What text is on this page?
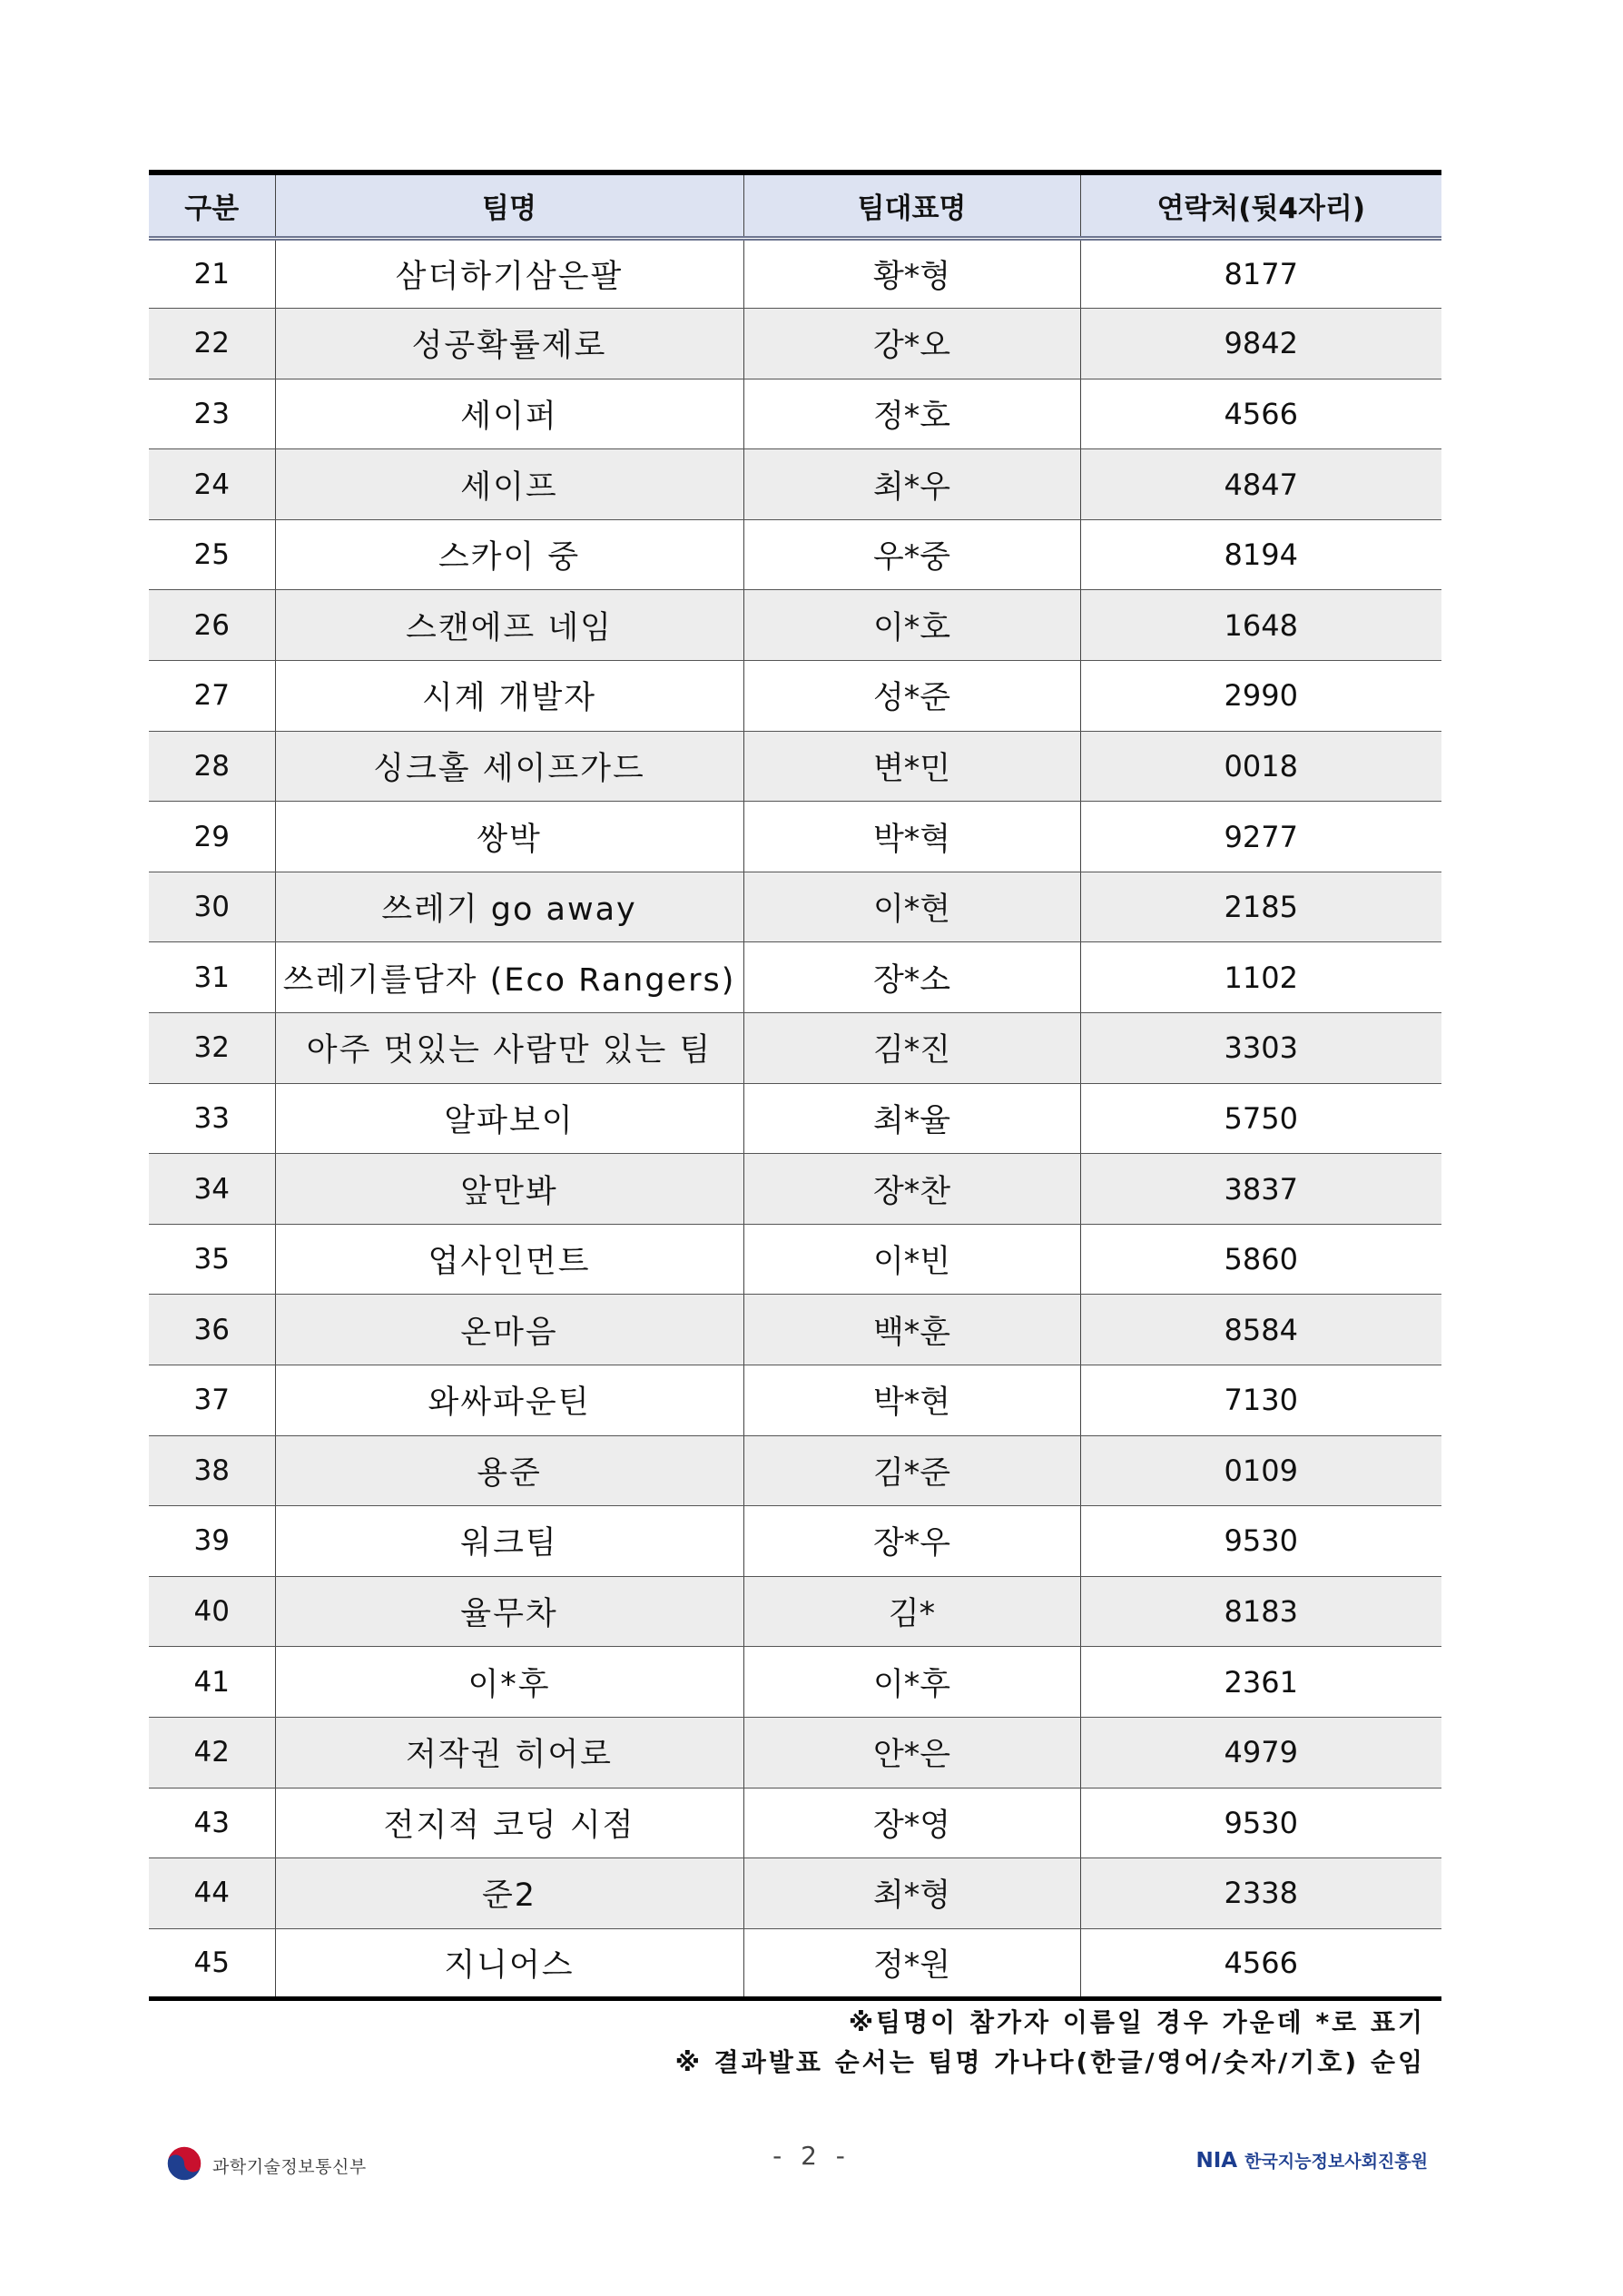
구분	팀명	팀대표명	연락처(뒷4자리)
21	삼더하기삼은팔	황*형	8177
22	성공확률제로	강*오	9842
23	세이퍼	정*호	4566
24	세이프	최*우	4847
25	스카이 중	우*중	8194
26	스캔에프 네임	이*호	1648
27	시계 개발자	성*준	2990
28	싱크홀 세이프가드	변*민	0018
29	쌍박	박*혁	9277
30	쓰레기 go away	이*현	2185
31	쓰레기를담자 (Eco Rangers)	장*소	1102
32	아주 멋있는 사람만 있는 팀	김*진	3303
33	알파보이	최*율	5750
34	앞만봐	장*찬	3837
35	업사인먼트	이*빈	5860
36	온마음	백*훈	8584
37	와싸파운틴	박*현	7130
38	용준	김*준	0109
39	워크팀	장*우	9530
40	율무차	김*	8183
41	이*후	이*후	2361
42	저작권 히어로	안*은	4979
43	전지적 코딩 시점	장*영	9530
44	준2	최*형	2338
45	지니어스	정*원	4566
※팀명이 참가자 이름일 경우 가운데 *로 표기
※ 결과발표 순서는 팀명 가나다(한글/영어/숫자/기호) 순임
과학기술정보통신부	- 2 -	NIA 한국지능정보사회진흥원
